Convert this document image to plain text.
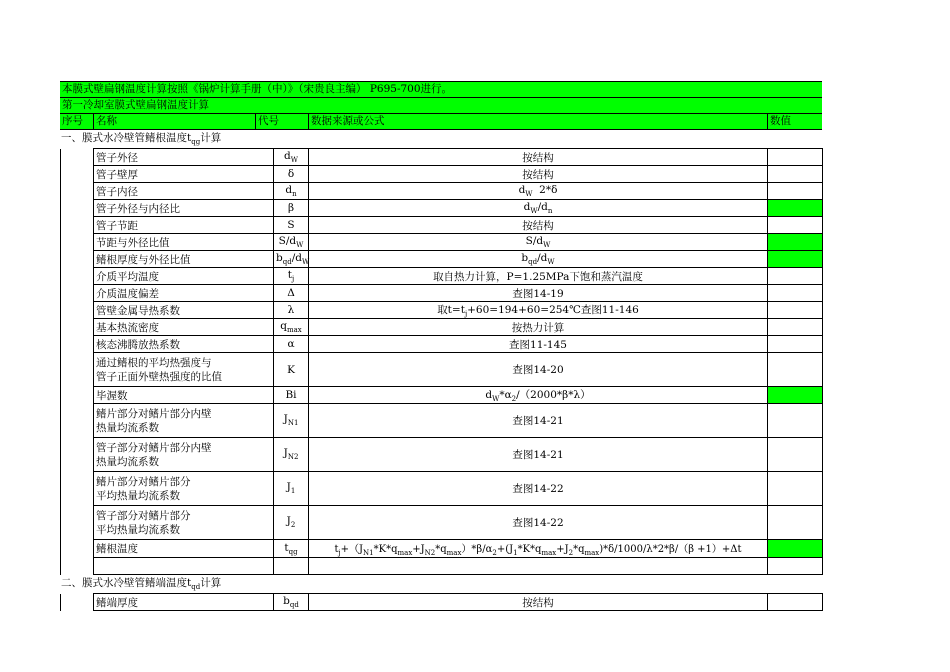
本膜式壁扁钢温度计算按照《锅炉计算手册（中）》（宋贵良主编） P695-700进行。
第一冷却室膜式壁扁钢温度计算
序号	名称	代号	数据来源或公式	数值
一、膜式水冷壁管鳍根温度$t_{qg}$计算
	管子外径	$d_W$	按结构	
	管子壁厚	δ	按结构	
	管子内径	$d_n$	$d_W$  2*δ	
	管子外径与内径比	β	$d_W/d_n$	
	管子节距	S	按结构	
	节距与外径比值	$S/d_W$	$S/d_W$	
	鳍根厚度与外径比值	$b_{qd}/d_W$	$b_{qd}/d_W$	
	介质平均温度	$t_j$	取自热力计算，P=1.25MPa下饱和蒸汽温度	
	介质温度偏差	Δ	查图14-19	
	管壁金属导热系数	λ	取$t=t_j+60=194+60=254℃$查图11-146	
	基本热流密度	$q_{max}$	按热力计算	
	核态沸腾放热系数	α	查图11-145	
	通过鳍根的平均热强度与
管子正面外壁热强度的比值	K	查图14-20	
	毕渥数	Bi	$d_W*\alpha_2/(2000*\beta*\lambda)$	
	鳍片部分对鳍片部分内壁
热量均流系数	$J_{N1}$	查图14-21	
	管子部分对鳍片部分内壁
热量均流系数	$J_{N2}$	查图14-21	
	鳍片部分对鳍片部分
平均热量均流系数	$J_1$	查图14-22	
	管子部分对鳍片部分
平均热量均流系数	$J_2$	查图14-22	
	鳍根温度	$t_{qg}$	$t_j+(J_{N1}*K*q_{max}+J_{N2}*q_{max})*\beta/\alpha_2+(J_1*K*q_{max}+J_2*q_{max})*\delta/1000/\lambda*2*\beta/(\beta +1)+\Delta t$	

二、膜式水冷壁管鳍端温度$t_{qd}$计算
	鳍端厚度	$b_{qd}$	按结构	
